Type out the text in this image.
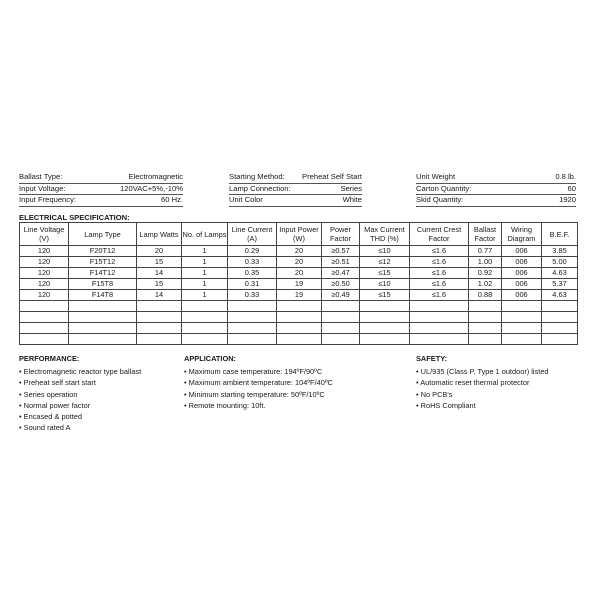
Ballast Type:	Electromagnetic
Input Voltage:	120VAC+5%,-10%
Input Frequency:	60 Hz.
Starting Method: Preheat Self Start
Lamp Connection:	Series
Unit Color	White
Unit Weight	0.8 lb.
Carton Quantity:	60
Skid Quantity:	1920
ELECTRICAL SPECIFICATION:
Line Voltage (V)	Lamp Type	Lamp Watts	No. of Lamps	Line Current (A)	Input Power (W)	Power Factor	Max Current THD (%)	Current Crest Factor	Ballast Factor	Wiring Diagram	B.E.F.
120	F20T12	20	1	0.29	20	≥0.57	≤10	≤1.6	0.77	006	3.85
120	F15T12	15	1	0.33	20	≥0.51	≤12	≤1.6	1.00	006	5.00
120	F14T12	14	1	0.35	20	≥0.47	≤15	≤1.6	0.92	006	4.63
120	F15T8	15	1	0.31	19	≥0.50	≤10	≤1.6	1.02	006	5.37
120	F14T8	14	1	0.33	19	≥0.49	≤15	≤1.6	0.88	006	4.63

PERFORMANCE:
• Electromagnetic reactor type ballast
• Preheat self start start
• Series operation
• Normal power factor
• Encased & potted
• Sound rated A
APPLICATION:
• Maximum case temperature: 194ºF/90ºC
• Maximum ambient temperature: 104ºF/40ºC
• Minimum starting temperature: 50ºF/10ºC
• Remote mounting: 10ft.
SAFETY:
• UL/935 (Class P, Type 1 outdoor) listed
• Automatic reset thermal protector
• No PCB's
• RoHS Compliant
